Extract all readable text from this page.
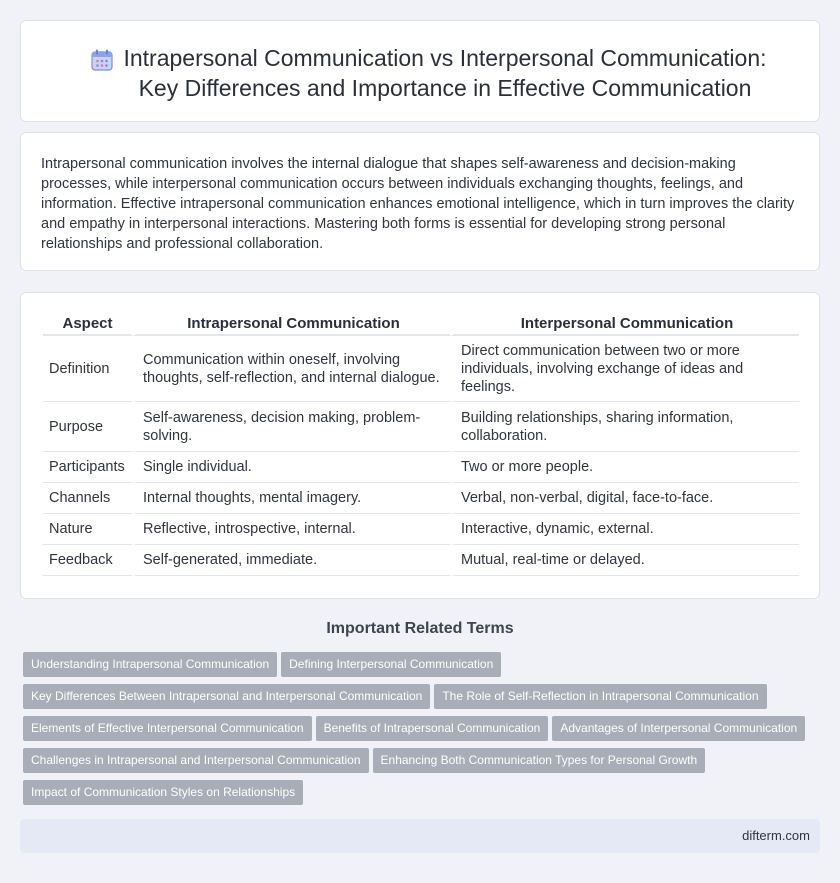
Intrapersonal Communication vs Interpersonal Communication: Key Differences and Importance in Effective Communication

Intrapersonal communication involves the internal dialogue that shapes self-awareness and decision-making processes, while interpersonal communication occurs between individuals exchanging thoughts, feelings, and information. Effective intrapersonal communication enhances emotional intelligence, which in turn improves the clarity and empathy in interpersonal interactions. Mastering both forms is essential for developing strong personal relationships and professional collaboration.

Aspect	Intrapersonal Communication	Interpersonal Communication
Definition	Communication within oneself, involving thoughts, self-reflection, and internal dialogue.	Direct communication between two or more individuals, involving exchange of ideas and feelings.
Purpose	Self-awareness, decision making, problem-solving.	Building relationships, sharing information, collaboration.
Participants	Single individual.	Two or more people.
Channels	Internal thoughts, mental imagery.	Verbal, non-verbal, digital, face-to-face.
Nature	Reflective, introspective, internal.	Interactive, dynamic, external.
Feedback	Self-generated, immediate.	Mutual, real-time or delayed.
Important Related Terms
Understanding Intrapersonal Communication Defining Interpersonal Communication
Key Differences Between Intrapersonal and Interpersonal Communication The Role of Self-Reflection in Intrapersonal Communication
Elements of Effective Interpersonal Communication Benefits of Intrapersonal Communication Advantages of Interpersonal Communication
Challenges in Intrapersonal and Interpersonal Communication Enhancing Both Communication Types for Personal Growth
Impact of Communication Styles on Relationships
difterm.com
